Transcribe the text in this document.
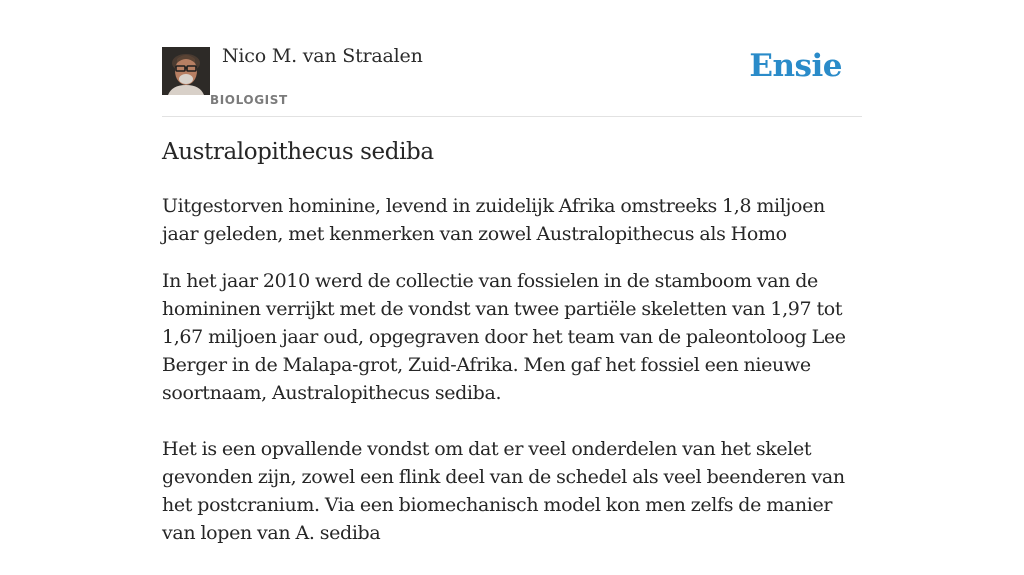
Nico M. van Straalen
BIOLOGIST
Ensie
Australopithecus sediba

Uitgestorven hominine, levend in zuidelijk Afrika omstreeks 1,8 miljoen jaar geleden, met kenmerken van zowel Australopithecus als Homo

In het jaar 2010 werd de collectie van fossielen in de stamboom van de homininen verrijkt met de vondst van twee partiële skeletten van 1,97 tot 1,67 miljoen jaar oud, opgegraven door het team van de paleontoloog Lee Berger in de Malapa-grot, Zuid-Afrika. Men gaf het fossiel een nieuwe soortnaam, Australopithecus sediba.

Het is een opvallende vondst om dat er veel onderdelen van het skelet gevonden zijn, zowel een flink deel van de schedel als veel beenderen van het postcranium. Via een biomechanisch model kon men zelfs de manier van lopen van A. sediba
